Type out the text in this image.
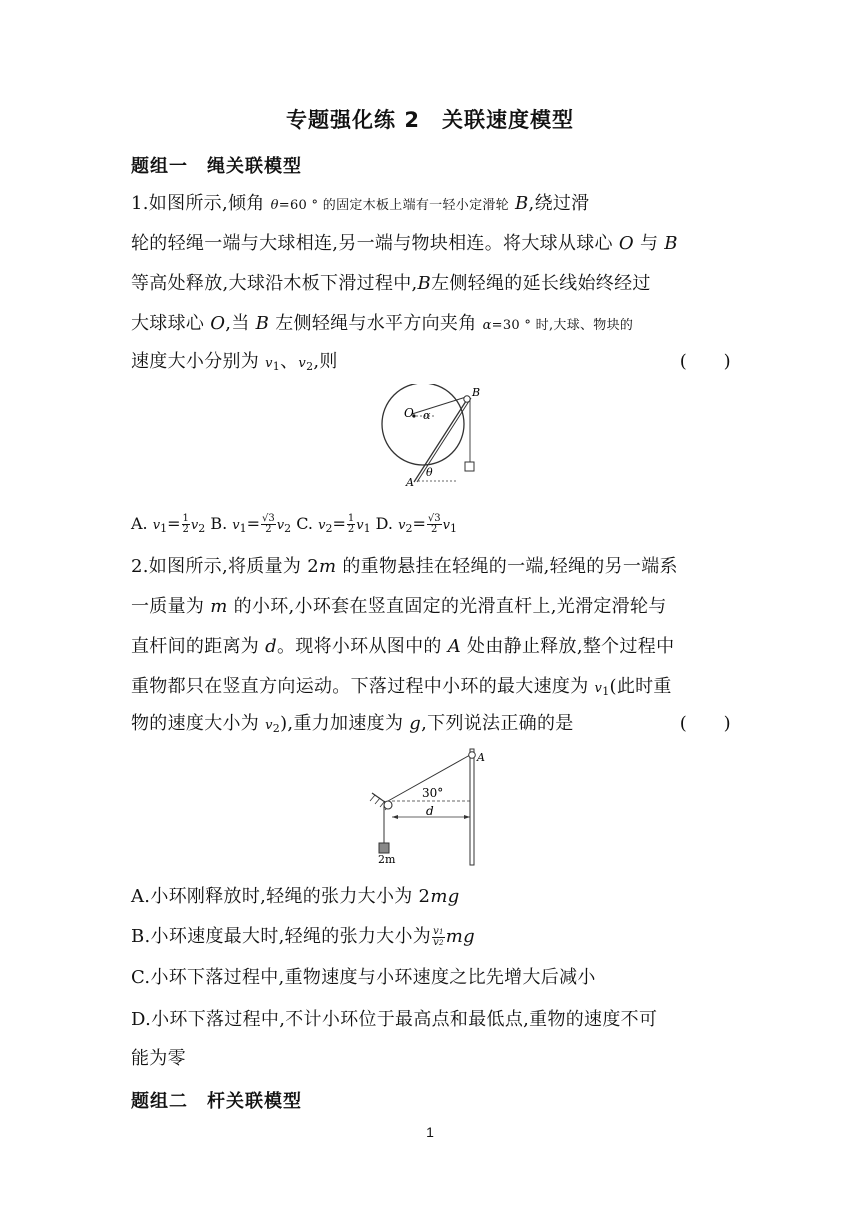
专题强化练 2　关联速度模型
题组一　绳关联模型
1.如图所示,倾角 θ=60 ° 的固定木板上端有一轻小定滑轮 B,绕过滑
轮的轻绳一端与大球相连,另一端与物块相连。将大球从球心 O 与 B
等高处释放,大球沿木板下滑过程中,B左侧轻绳的延长线始终经过
大球球心 O,当 B 左侧轻绳与水平方向夹角 α=30 ° 时,大球、物块的
速度大小分别为 $v_1$、$v_2$,则	(　　)
O α
B
A
θ
A. $v_1= \frac{1}{2} v_2$ B. $v_1= \frac{√3}{2} v_2$ C. $v_2= \frac{1}{2} v_1$ D. $v_2= \frac{√3}{2} v_1$
2.如图所示,将质量为 2m 的重物悬挂在轻绳的一端,轻绳的另一端系
一质量为 m 的小环,小环套在竖直固定的光滑直杆上,光滑定滑轮与
直杆间的距离为 d。现将小环从图中的 A 处由静止释放,整个过程中
重物都只在竖直方向运动。下落过程中小环的最大速度为 $v_1$(此时重
物的速度大小为 $v_2$),重力加速度为 g,下列说法正确的是	(　　)
30°
d
A
2m
A.小环刚释放时,轻绳的张力大小为 2mg
B.小环速度最大时,轻绳的张力大小为 $\frac{v1}{v2}$ mg
C.小环下落过程中,重物速度与小环速度之比先增大后减小
D.小环下落过程中,不计小环位于最高点和最低点,重物的速度不可
能为零
题组二　杆关联模型
1
